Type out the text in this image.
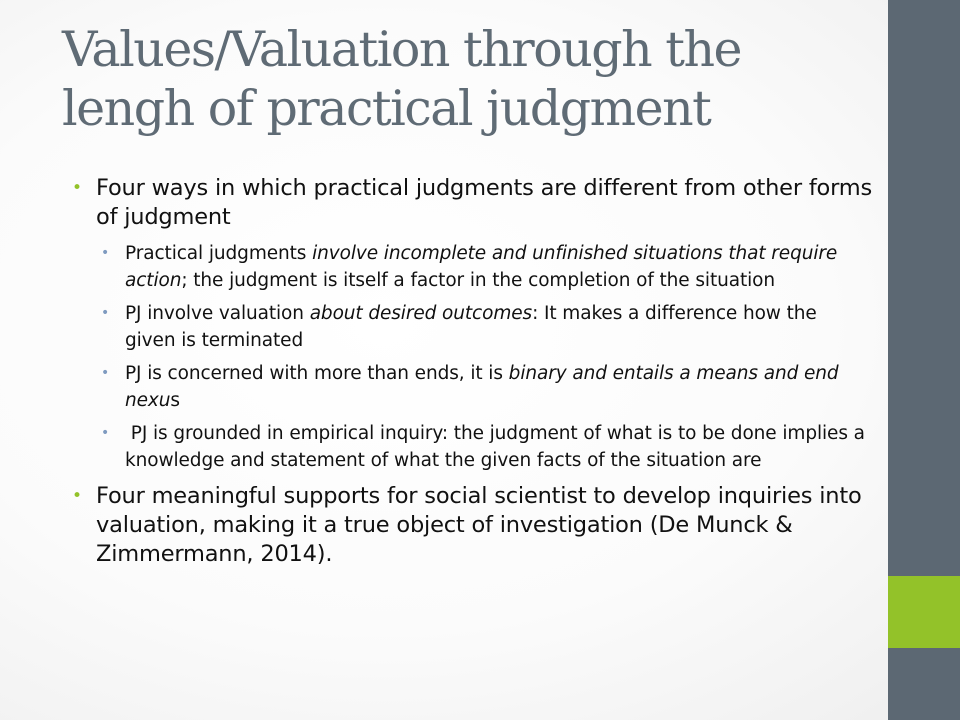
Values/Valuation through the lengh of practical judgment
• Four ways in which practical judgments are different from other forms of judgment
• Practical judgments involve incomplete and unfinished situations that require action; the judgment is itself a factor in the completion of the situation
• PJ involve valuation about desired outcomes: It makes a difference how the given is terminated
• PJ is concerned with more than ends, it is binary and entails a means and end nexus
• PJ is grounded in empirical inquiry: the judgment of what is to be done implies a knowledge and statement of what the given facts of the situation are
• Four meaningful supports for social scientist to develop inquiries into valuation, making it a true object of investigation (De Munck & Zimmermann, 2014).
